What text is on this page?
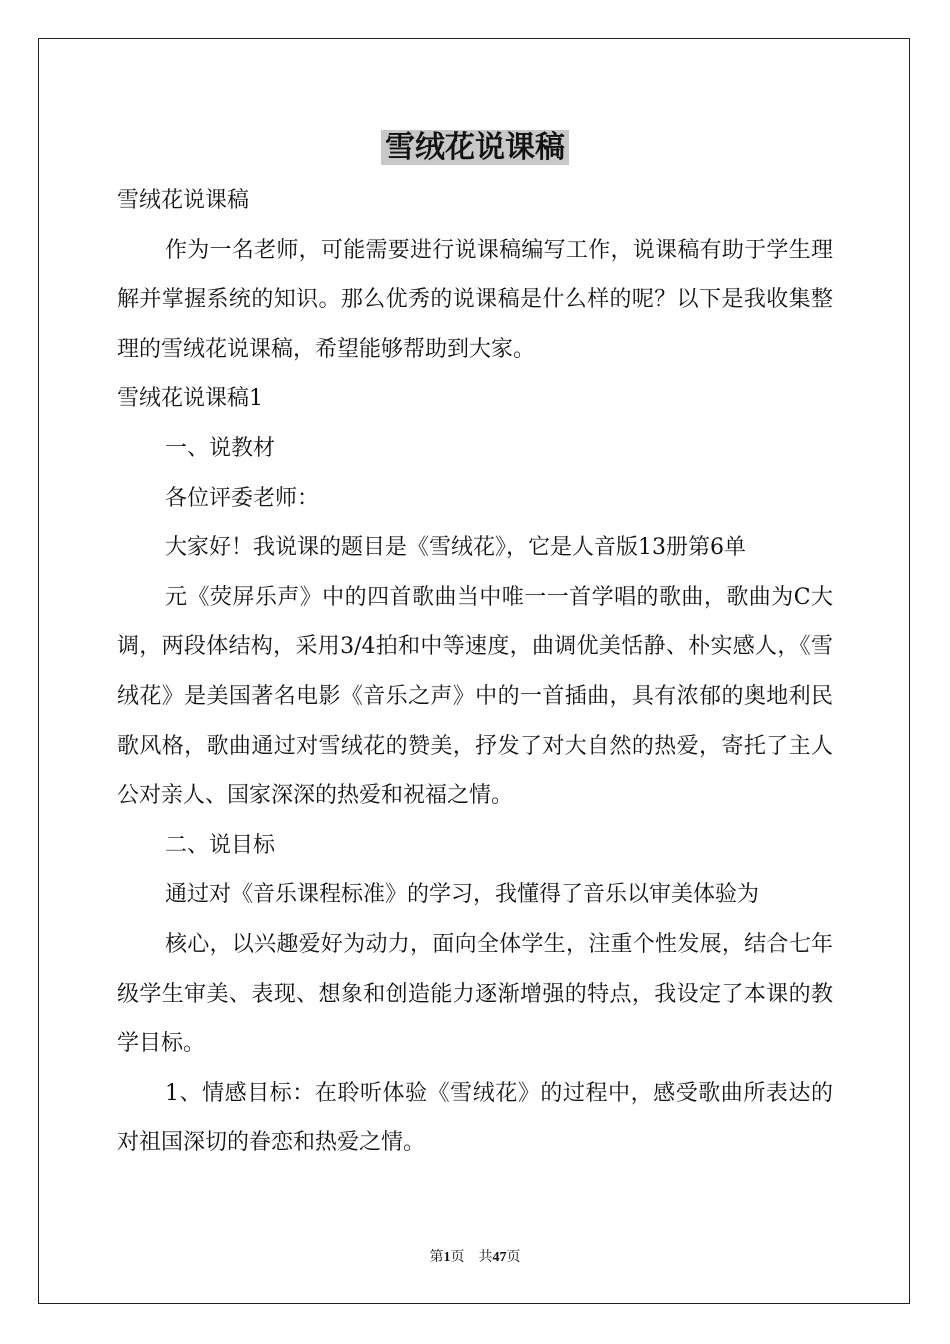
雪绒花说课稿

雪绒花说课稿

作为一名老师，可能需要进行说课稿编写工作，说课稿有助于学生理解并掌握系统的知识。那么优秀的说课稿是什么样的呢？以下是我收集整理的雪绒花说课稿，希望能够帮助到大家。

雪绒花说课稿1

一、说教材

各位评委老师：

大家好！我说课的题目是《雪绒花》，它是人音版13册第6单

元《荧屏乐声》中的四首歌曲当中唯一一首学唱的歌曲，歌曲为C大调，两段体结构，采用3/4拍和中等速度，曲调优美恬静、朴实感人，《雪绒花》是美国著名电影《音乐之声》中的一首插曲，具有浓郁的奥地利民歌风格，歌曲通过对雪绒花的赞美，抒发了对大自然的热爱，寄托了主人公对亲人、国家深深的热爱和祝福之情。

二、说目标

通过对《音乐课程标准》的学习，我懂得了音乐以审美体验为

核心，以兴趣爱好为动力，面向全体学生，注重个性发展，结合七年级学生审美、表现、想象和创造能力逐渐增强的特点，我设定了本课的教学目标。

1、情感目标：在聆听体验《雪绒花》的过程中，感受歌曲所表达的对祖国深切的眷恋和热爱之情。

第1页 共47页
